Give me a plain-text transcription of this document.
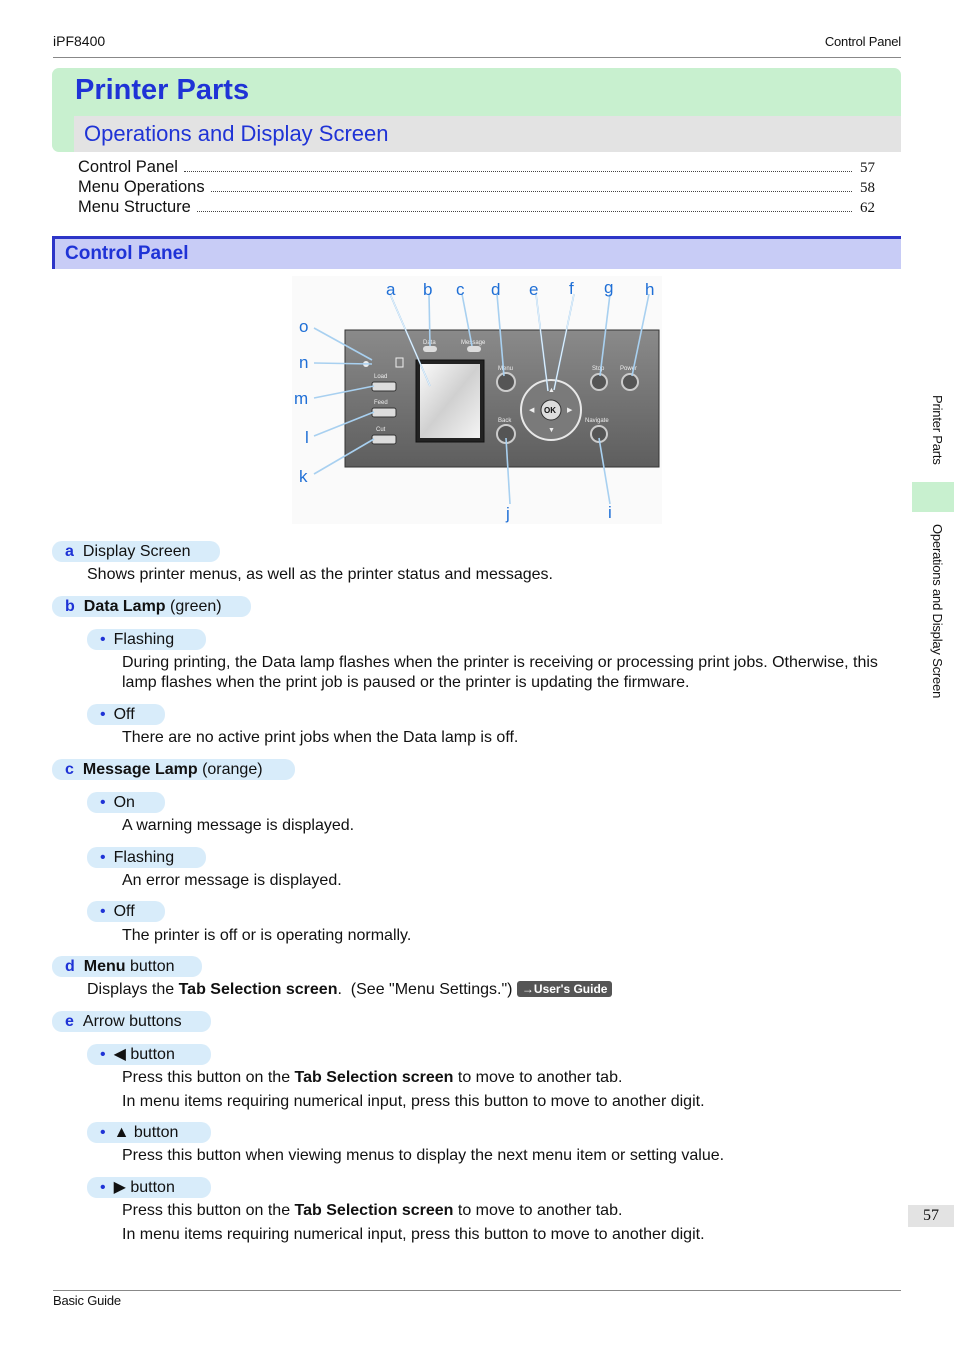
iPF8400	Control Panel
Printer Parts
Operations and Display Screen
Control Panel	57
Menu Operations	58
Menu Structure	62
Control Panel
Data	Message
Menu
OK
▲
▼
◀	▶
Stop	Power
Back	Navigate
Load
Feed
Cut
a b c d e f g h
i
j
k
l
m
n
o
a Display Screen
Shows printer menus, as well as the printer status and messages.
b Data Lamp (green)
• Flashing
During printing, the Data lamp flashes when the printer is receiving or processing print jobs. Otherwise, this lamp flashes when the print job is paused or the printer is updating the firmware.
• Off
There are no active print jobs when the Data lamp is off.
c Message Lamp (orange)
• On
A warning message is displayed.
• Flashing
An error message is displayed.
• Off
The printer is off or is operating normally.
d Menu button
Displays the Tab Selection screen.  (See "Menu Settings.") →User's Guide
e Arrow buttons
• ◀ button
Press this button on the Tab Selection screen to move to another tab.
In menu items requiring numerical input, press this button to move to another digit.
• ▲ button
Press this button when viewing menus to display the next menu item or setting value.
• ▶ button
Press this button on the Tab Selection screen to move to another tab.
In menu items requiring numerical input, press this button to move to another digit.
Printer Parts
Operations and Display Screen
57
Basic Guide
